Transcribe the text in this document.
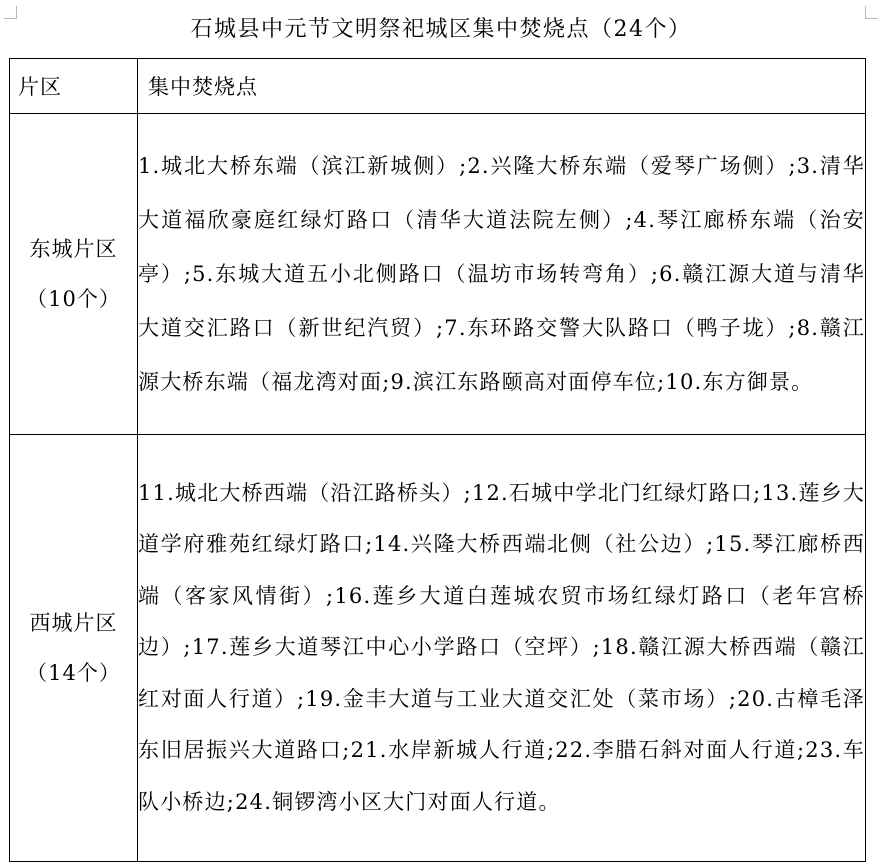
石城县中元节文明祭祀城区集中焚烧点（24个）
片区	集中焚烧点

东城片区
（10个）	1.城北大桥东端（滨江新城侧）;2.兴隆大桥东端（爱琴广场侧）;3.清华大道福欣豪庭红绿灯路口（清华大道法院左侧）;4.琴江廊桥东端（治安亭）;5.东城大道五小北侧路口（温坊市场转弯角）;6.赣江源大道与清华大道交汇路口（新世纪汽贸）;7.东环路交警大队路口（鸭子垅）;8.赣江源大桥东端（福龙湾对面;9.滨江东路颐高对面停车位;10.东方御景。

西城片区
（14个）	11.城北大桥西端（沿江路桥头）;12.石城中学北门红绿灯路口;13.莲乡大道学府雅苑红绿灯路口;14.兴隆大桥西端北侧（社公边）;15.琴江廊桥西端（客家风情街）;16.莲乡大道白莲城农贸市场红绿灯路口（老年宫桥边）;17.莲乡大道琴江中心小学路口（空坪）;18.赣江源大桥西端（赣江红对面人行道）;19.金丰大道与工业大道交汇处（菜市场）;20.古樟毛泽东旧居振兴大道路口;21.水岸新城人行道;22.李腊石斜对面人行道;23.车队小桥边;24.铜锣湾小区大门对面人行道。
